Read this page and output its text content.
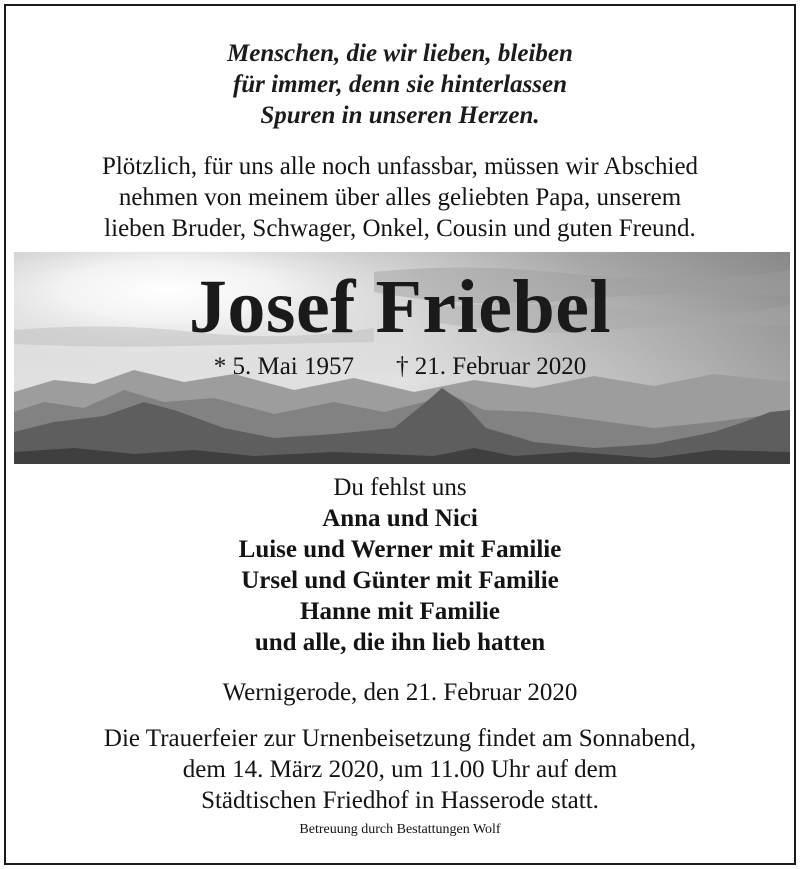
Menschen, die wir lieben, bleiben
für immer, denn sie hinterlassen
Spuren in unseren Herzen.
Plötzlich, für uns alle noch unfassbar, müssen wir Abschied
nehmen von meinem über alles geliebten Papa, unserem
lieben Bruder, Schwager, Onkel, Cousin und guten Freund.
Josef Friebel
* 5. Mai 1957 † 21. Februar 2020
Du fehlst uns
Anna und Nici
Luise und Werner mit Familie
Ursel und Günter mit Familie
Hanne mit Familie
und alle, die ihn lieb hatten
Wernigerode, den 21. Februar 2020
Die Trauerfeier zur Urnenbeisetzung findet am Sonnabend,
dem 14. März 2020, um 11.00 Uhr auf dem
Städtischen Friedhof in Hasserode statt.
Betreuung durch Bestattungen Wolf
